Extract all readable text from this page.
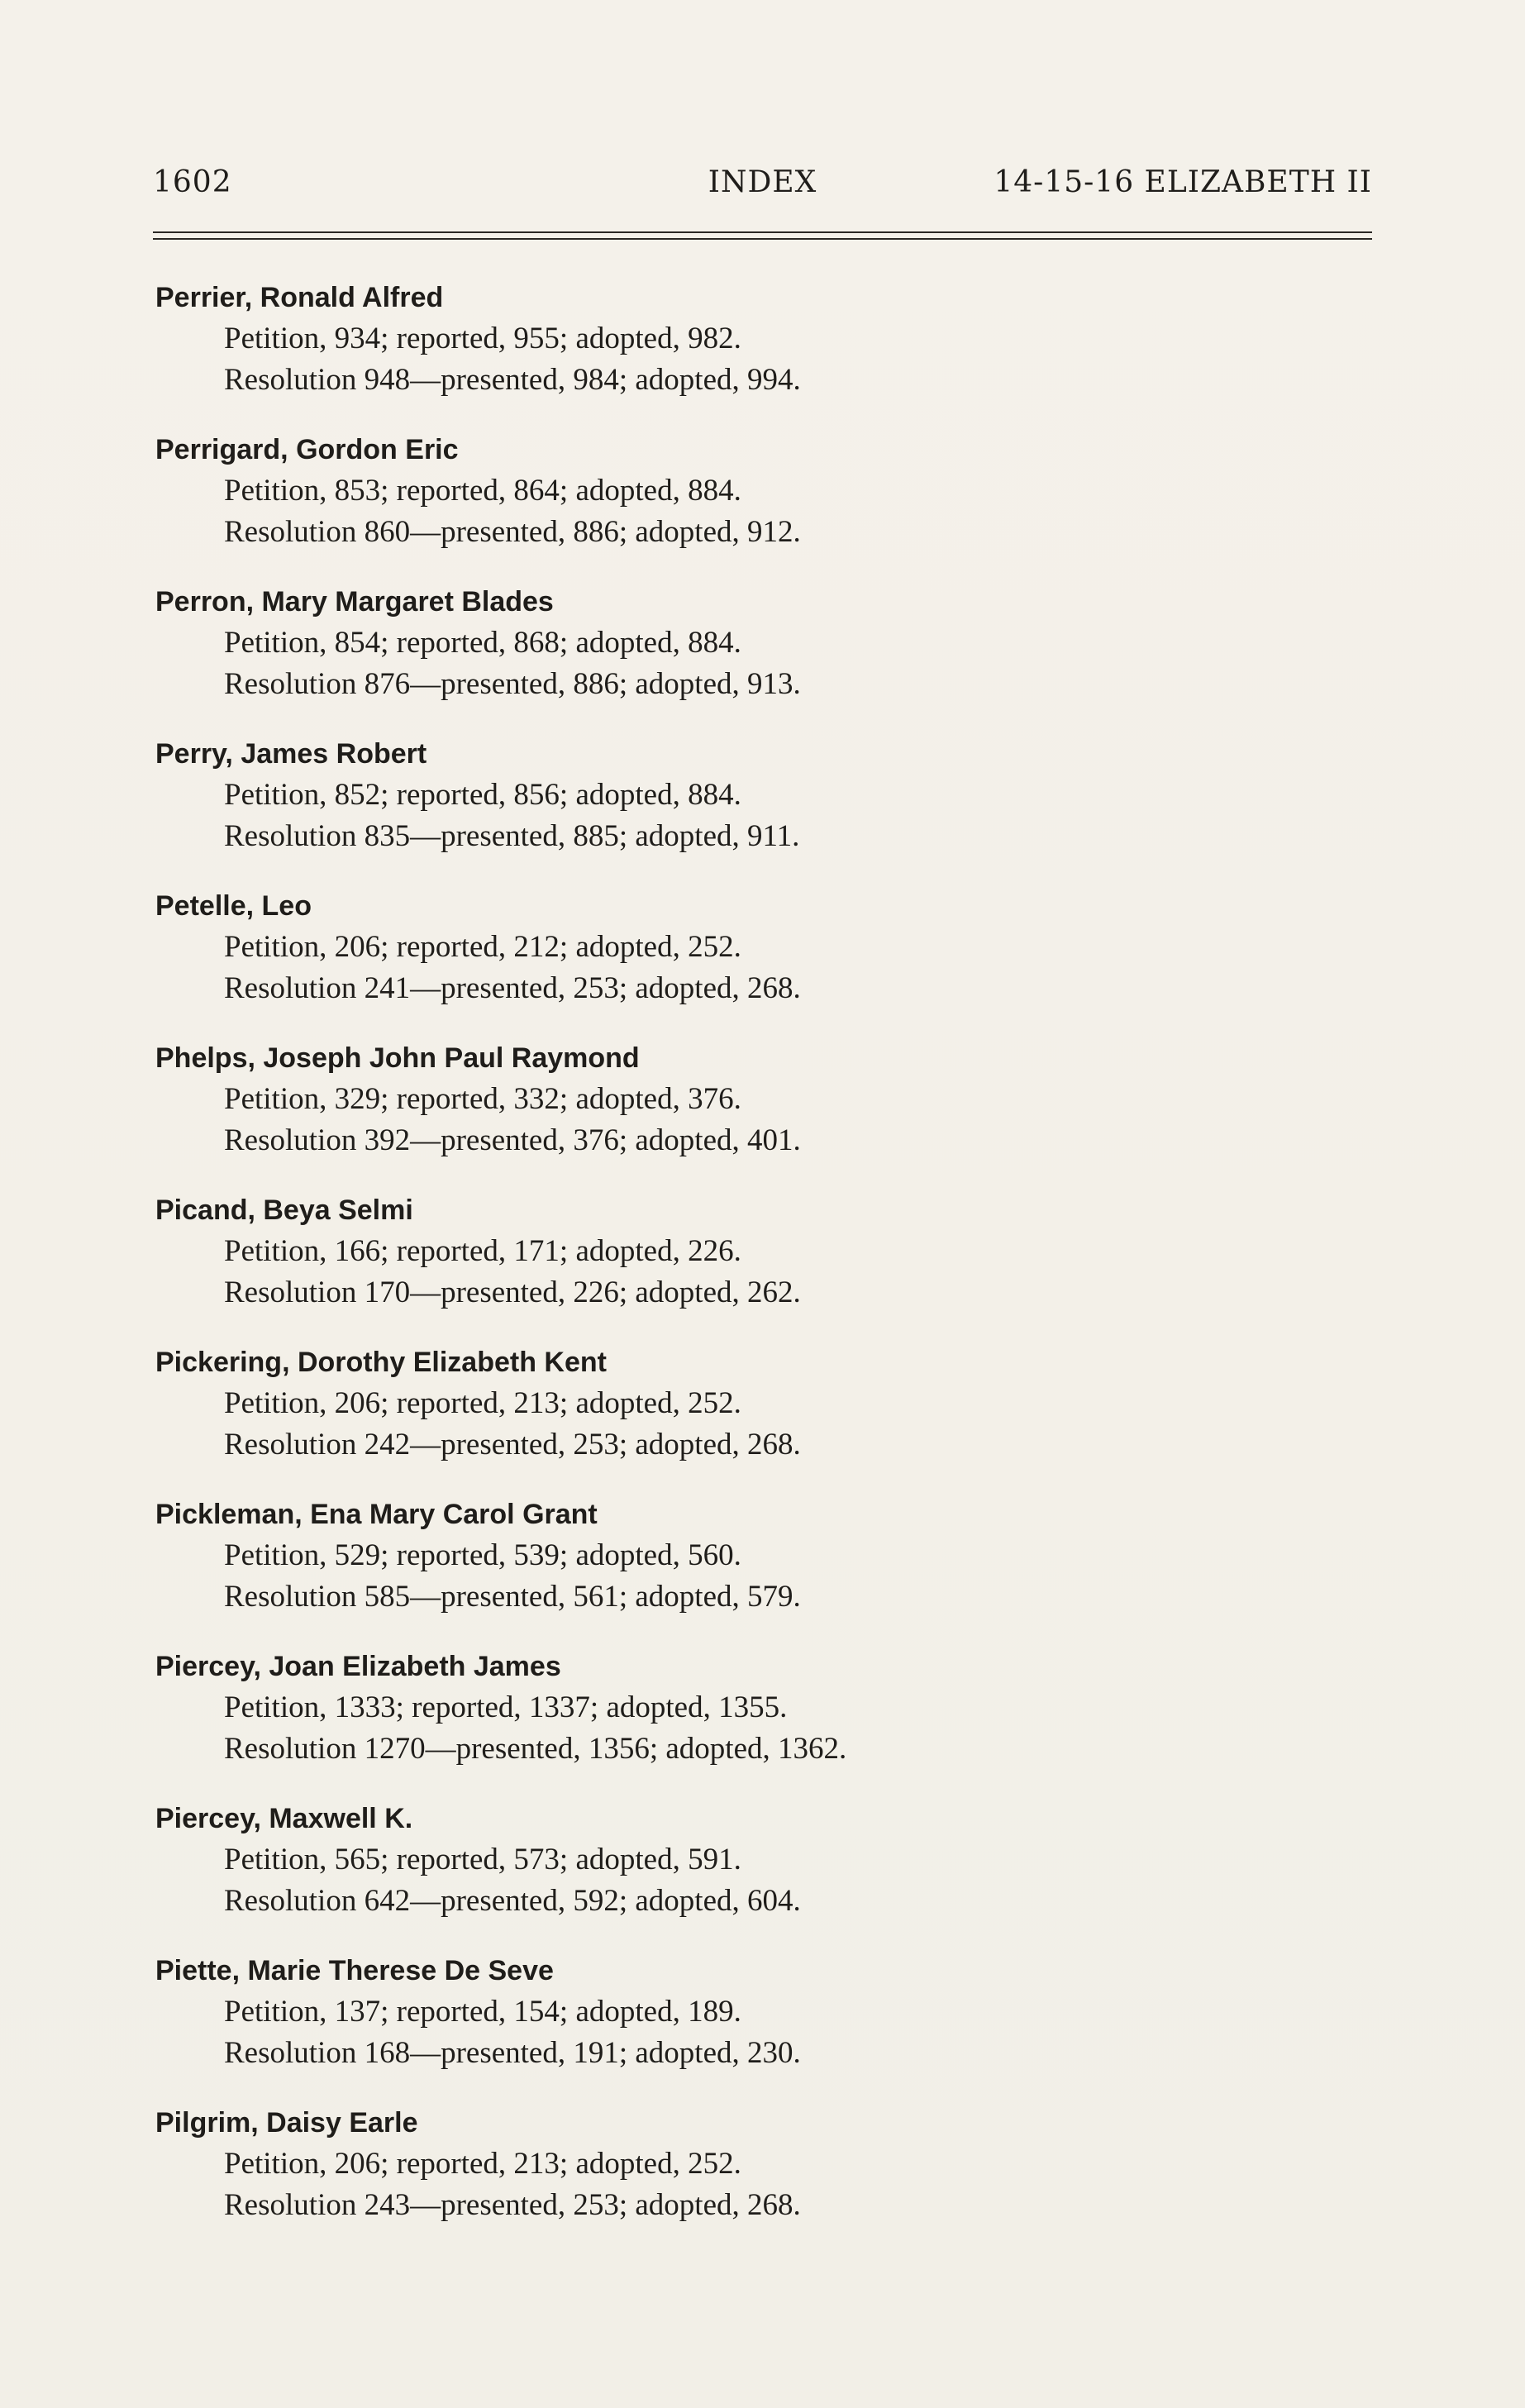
1602	INDEX	14-15-16 ELIZABETH II
Perrier, Ronald Alfred
Petition, 934; reported, 955; adopted, 982.
Resolution 948—presented, 984; adopted, 994.
Perrigard, Gordon Eric
Petition, 853; reported, 864; adopted, 884.
Resolution 860—presented, 886; adopted, 912.
Perron, Mary Margaret Blades
Petition, 854; reported, 868; adopted, 884.
Resolution 876—presented, 886; adopted, 913.
Perry, James Robert
Petition, 852; reported, 856; adopted, 884.
Resolution 835—presented, 885; adopted, 911.
Petelle, Leo
Petition, 206; reported, 212; adopted, 252.
Resolution 241—presented, 253; adopted, 268.
Phelps, Joseph John Paul Raymond
Petition, 329; reported, 332; adopted, 376.
Resolution 392—presented, 376; adopted, 401.
Picand, Beya Selmi
Petition, 166; reported, 171; adopted, 226.
Resolution 170—presented, 226; adopted, 262.
Pickering, Dorothy Elizabeth Kent
Petition, 206; reported, 213; adopted, 252.
Resolution 242—presented, 253; adopted, 268.
Pickleman, Ena Mary Carol Grant
Petition, 529; reported, 539; adopted, 560.
Resolution 585—presented, 561; adopted, 579.
Piercey, Joan Elizabeth James
Petition, 1333; reported, 1337; adopted, 1355.
Resolution 1270—presented, 1356; adopted, 1362.
Piercey, Maxwell K.
Petition, 565; reported, 573; adopted, 591.
Resolution 642—presented, 592; adopted, 604.
Piette, Marie Therese De Seve
Petition, 137; reported, 154; adopted, 189.
Resolution 168—presented, 191; adopted, 230.
Pilgrim, Daisy Earle
Petition, 206; reported, 213; adopted, 252.
Resolution 243—presented, 253; adopted, 268.
